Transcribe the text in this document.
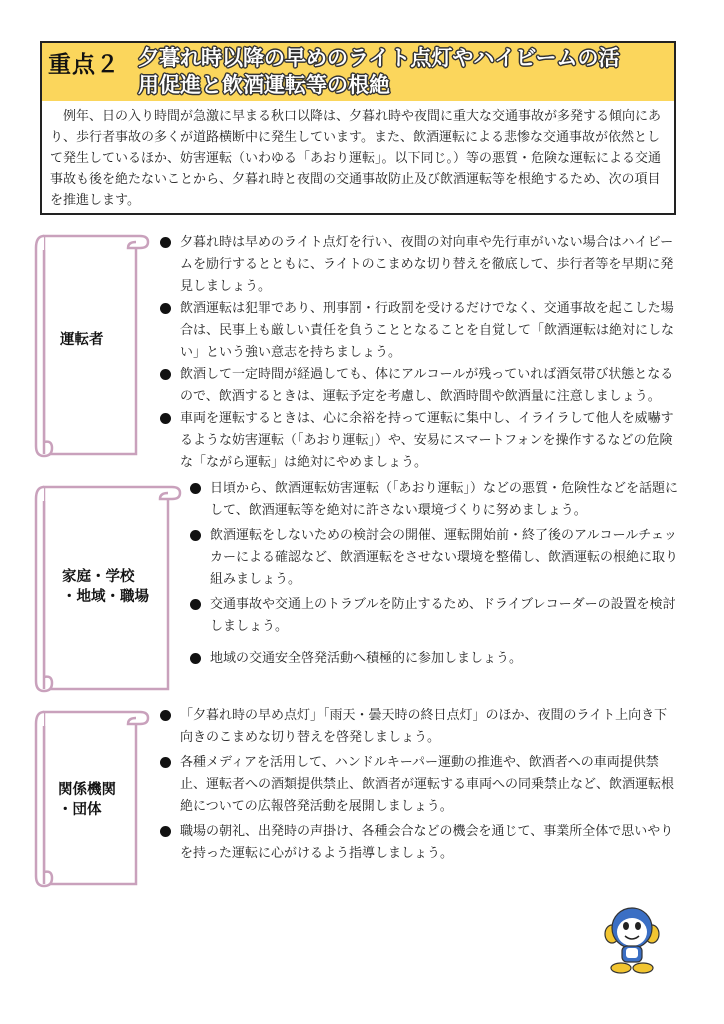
重点２ 夕暮れ時以降の早めのライト点灯やハイビームの活
用促進と飲酒運転等の根絶

例年、日の入り時間が急激に早まる秋口以降は、夕暮れ時や夜間に重大な交通事故が多発する傾向にあり、歩行者事故の多くが道路横断中に発生しています。また、飲酒運転による悲惨な交通事故が依然として発生しているほか、妨害運転（いわゆる「あおり運転」。以下同じ。）等の悪質・危険な運転による交通事故も後を絶たないことから、夕暮れ時と夜間の交通事故防止及び飲酒運転等を根絶するため、次の項目を推進します。

運転者
夕暮れ時は早めのライト点灯を行い、夜間の対向車や先行車がいない場合はハイビームを励行するとともに、ライトのこまめな切り替えを徹底して、歩行者等を早期に発見しましょう。
飲酒運転は犯罪であり、刑事罰・行政罰を受けるだけでなく、交通事故を起こした場合は、民事上も厳しい責任を負うこととなることを自覚して「飲酒運転は絶対にしない」という強い意志を持ちましょう。
飲酒して一定時間が経過しても、体にアルコールが残っていれば酒気帯び状態となるので、飲酒するときは、運転予定を考慮し、飲酒時間や飲酒量に注意しましょう。
車両を運転するときは、心に余裕を持って運転に集中し、イライラして他人を威嚇するような妨害運転（「あおり運転」）や、安易にスマートフォンを操作するなどの危険な「ながら運転」は絶対にやめましょう。
家庭・学校
・地域・職場
日頃から、飲酒運転妨害運転（「あおり運転」）などの悪質・危険性などを話題にして、飲酒運転等を絶対に許さない環境づくりに努めましょう。
飲酒運転をしないための検討会の開催、運転開始前・終了後のアルコールチェッカーによる確認など、飲酒運転をさせない環境を整備し、飲酒運転の根絶に取り組みましょう。
交通事故や交通上のトラブルを防止するため、ドライブレコーダーの設置を検討しましょう。
地域の交通安全啓発活動へ積極的に参加しましょう。
関係機関
・団体
「夕暮れ時の早め点灯」「雨天・曇天時の終日点灯」のほか、夜間のライト上向き下向きのこまめな切り替えを啓発しましょう。
各種メディアを活用して、ハンドルキーパー運動の推進や、飲酒者への車両提供禁止、運転者への酒類提供禁止、飲酒者が運転する車両への同乗禁止など、飲酒運転根絶についての広報啓発活動を展開しましょう。
職場の朝礼、出発時の声掛け、各種会合などの機会を通じて、事業所全体で思いやりを持った運転に心がけるよう指導しましょう。
